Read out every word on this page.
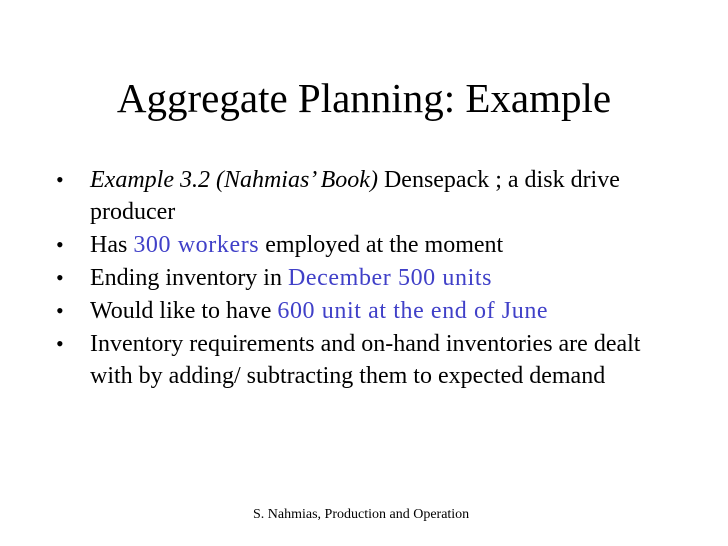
Aggregate Planning: Example
•	Example 3.2 (Nahmias’ Book) Densepack ; a disk drive producer
•	Has 300 workers employed at the moment
•	Ending inventory in December 500 units
•	Would like to have 600 unit at the end of June
•	Inventory requirements and on-hand inventories are dealt with by adding/ subtracting them to expected demand
S. Nahmias, Production and Operation
